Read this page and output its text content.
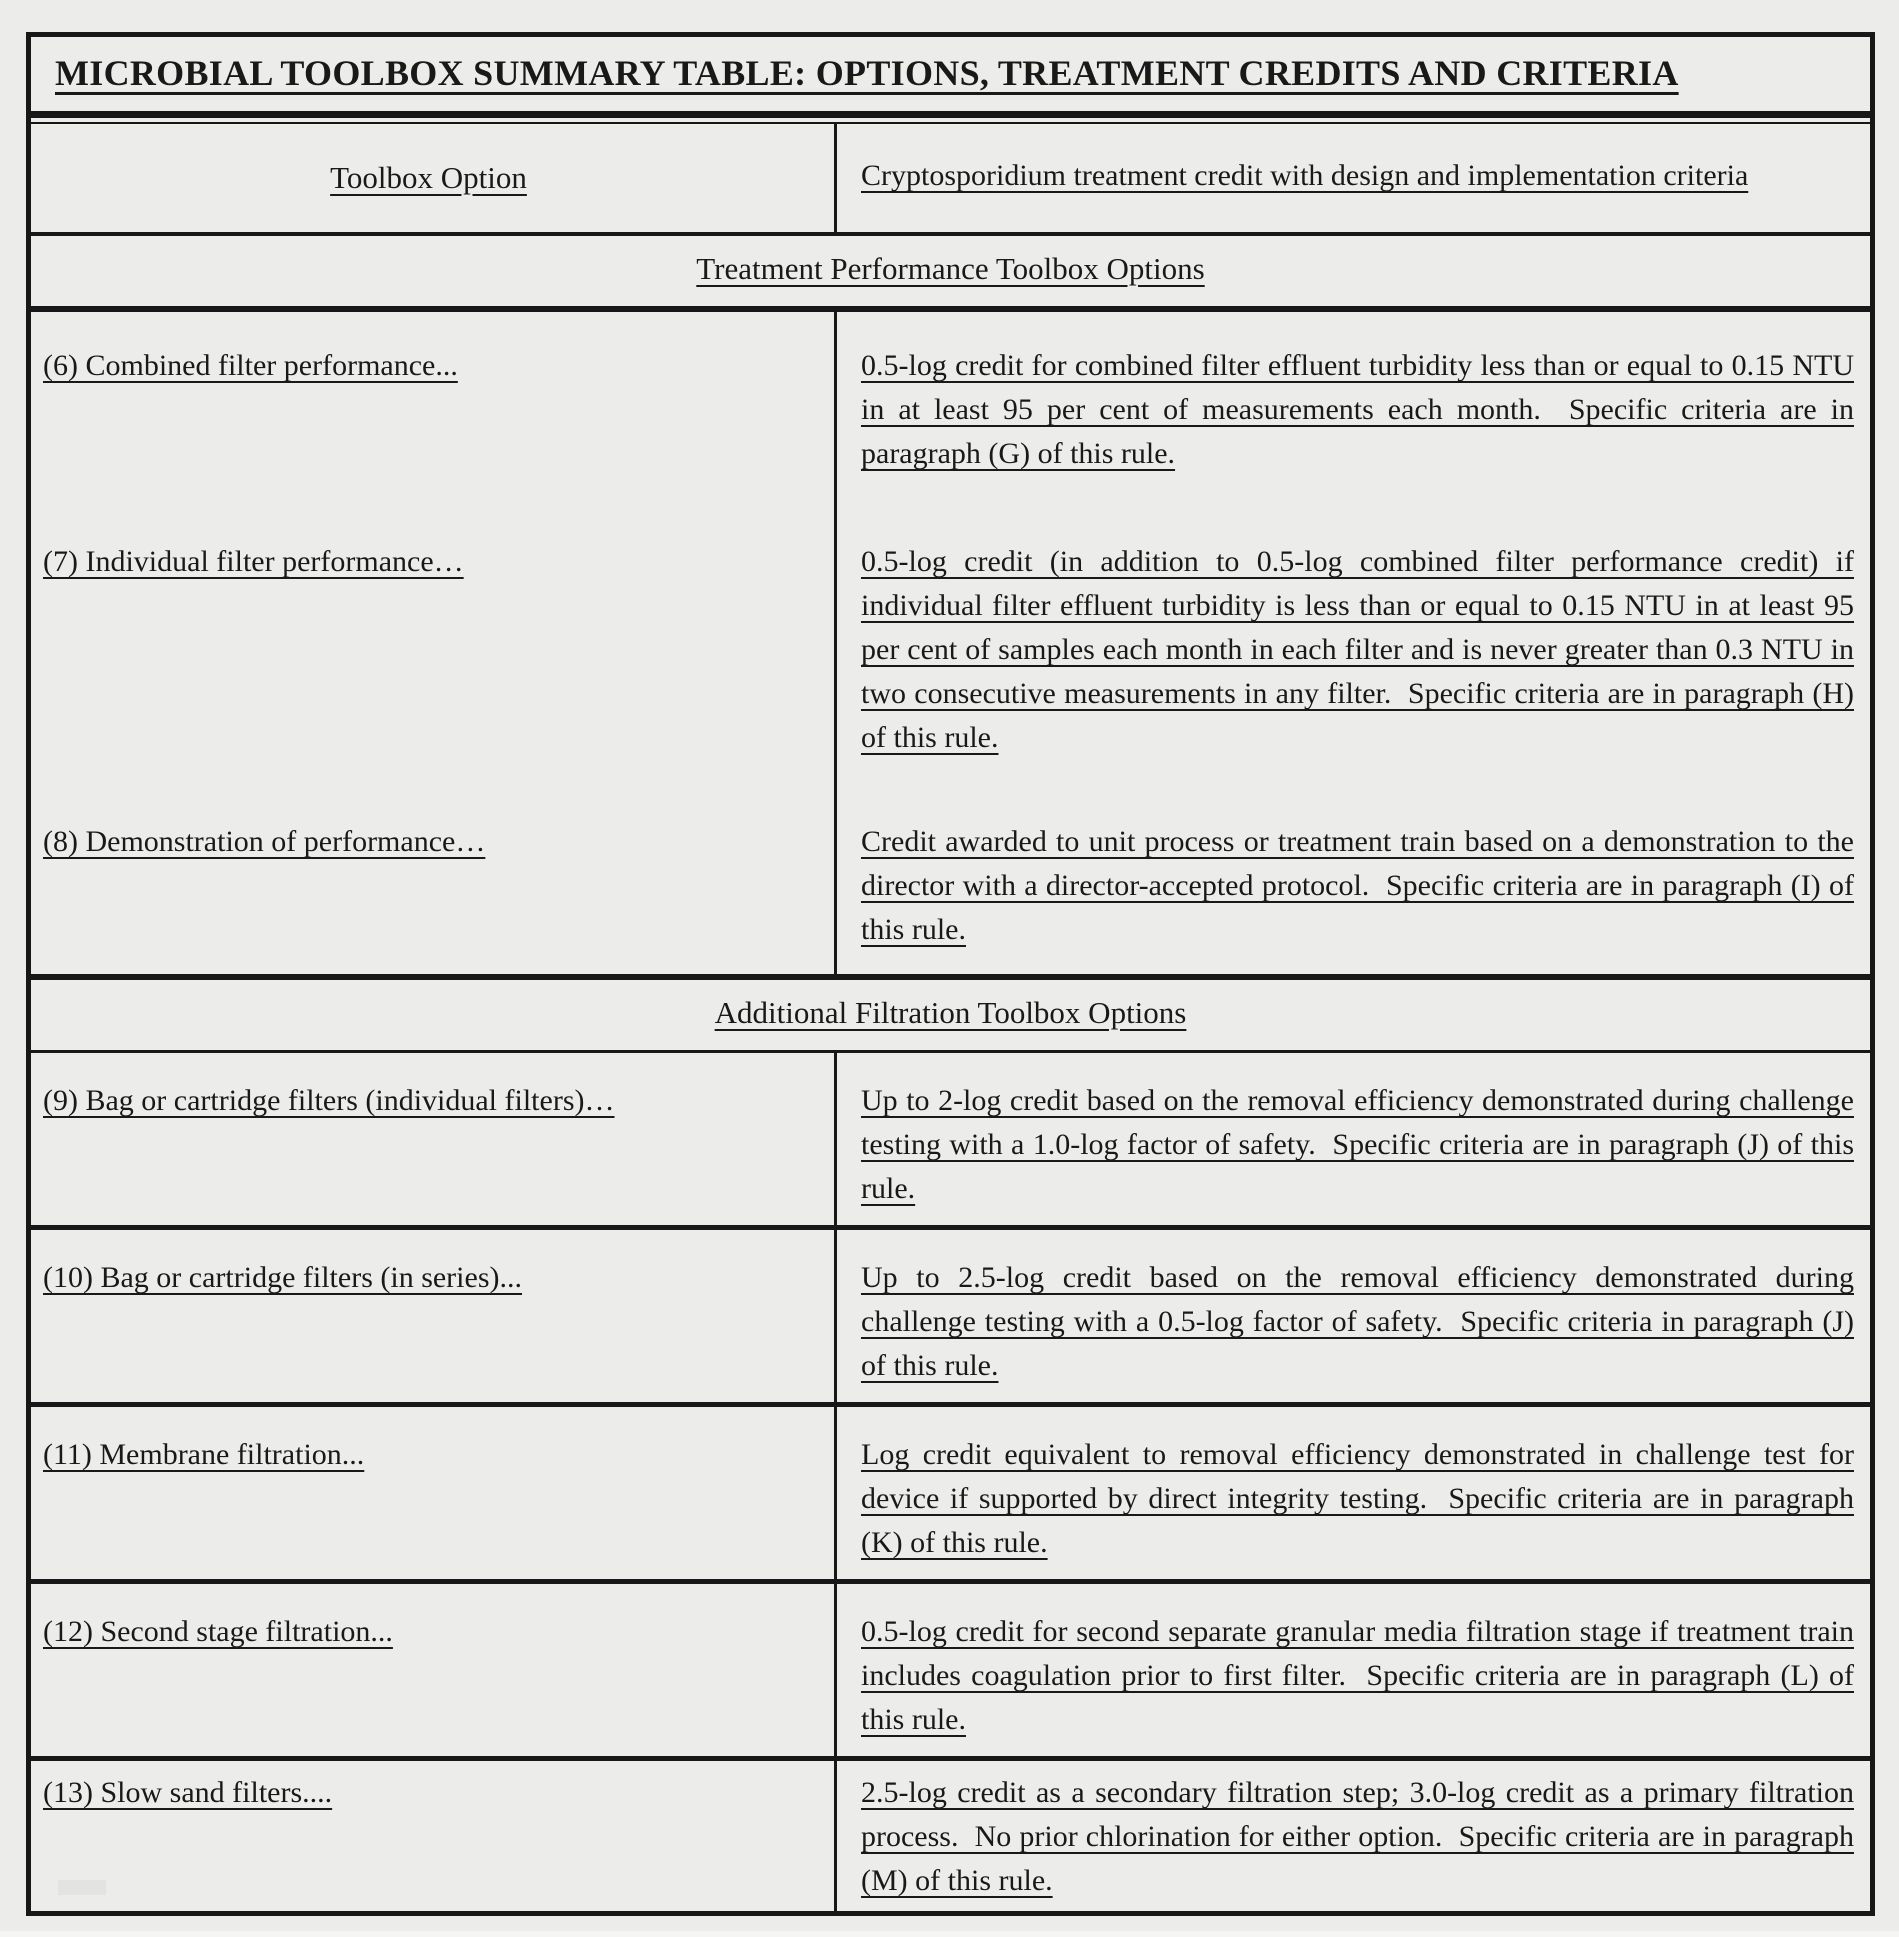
MICROBIAL TOOLBOX SUMMARY TABLE: OPTIONS, TREATMENT CREDITS AND CRITERIA
Toolbox Option	Cryptosporidium treatment credit with design and implementation criteria

Treatment Performance Toolbox Options
(6) Combined filter performance...	0.5-log credit for combined filter effluent turbidity less than or equal to 0.15 NTU in at least 95 per cent of measurements each month.  Specific criteria are in paragraph (G) of this rule.

(7) Individual filter performance…	0.5-log credit (in addition to 0.5-log combined filter performance credit) if individual filter effluent turbidity is less than or equal to 0.15 NTU in at least 95 per cent of samples each month in each filter and is never greater than 0.3 NTU in two consecutive measurements in any filter.  Specific criteria are in paragraph (H) of this rule.

(8) Demonstration of performance…	Credit awarded to unit process or treatment train based on a demonstration to the director with a director-accepted protocol.  Specific criteria are in paragraph (I) of this rule.

Additional Filtration Toolbox Options
(9) Bag or cartridge filters (individual filters)…	Up to 2-log credit based on the removal efficiency demonstrated during challenge testing with a 1.0-log factor of safety.  Specific criteria are in paragraph (J) of this rule.

(10) Bag or cartridge filters (in series)...	Up to 2.5-log credit based on the removal efficiency demonstrated during challenge testing with a 0.5-log factor of safety.  Specific criteria in paragraph (J) of this rule.

(11) Membrane filtration...	Log credit equivalent to removal efficiency demonstrated in challenge test for device if supported by direct integrity testing.  Specific criteria are in paragraph (K) of this rule.

(12) Second stage filtration...	0.5-log credit for second separate granular media filtration stage if treatment train includes coagulation prior to first filter.  Specific criteria are in paragraph (L) of this rule.

(13) Slow sand filters....	2.5-log credit as a secondary filtration step; 3.0-log credit as a primary filtration process.  No prior chlorination for either option.  Specific criteria are in paragraph (M) of this rule.
